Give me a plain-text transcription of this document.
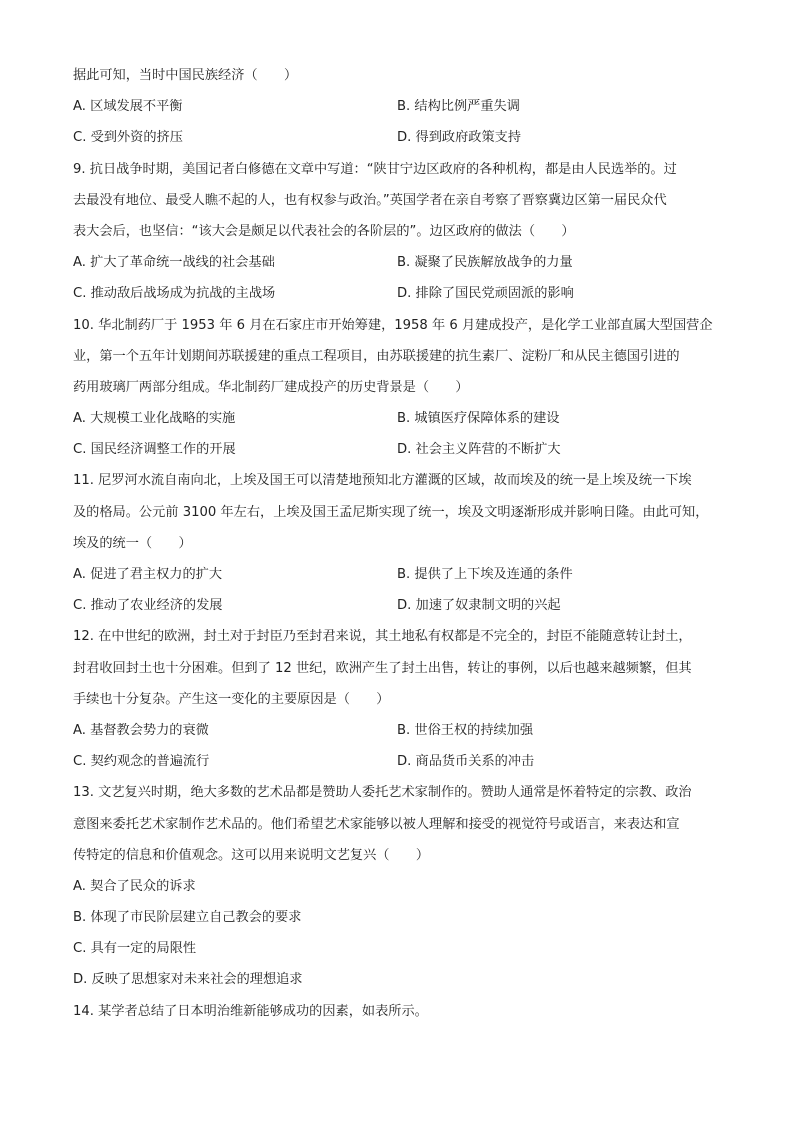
据此可知，当时中国民族经济（　　）
A. 区域发展不平衡	B. 结构比例严重失调
C. 受到外资的挤压	D. 得到政府政策支持
9. 抗日战争时期，美国记者白修德在文章中写道：“陕甘宁边区政府的各种机构，都是由人民选举的。过
去最没有地位、最受人瞧不起的人，也有权参与政治。”英国学者在亲自考察了晋察冀边区第一届民众代
表大会后，也坚信：“该大会是颇足以代表社会的各阶层的”。边区政府的做法（　　）
A. 扩大了革命统一战线的社会基础	B. 凝聚了民族解放战争的力量
C. 推动敌后战场成为抗战的主战场	D. 排除了国民党顽固派的影响
10. 华北制药厂于 1953 年 6 月在石家庄市开始筹建，1958 年 6 月建成投产，是化学工业部直属大型国营企
业，第一个五年计划期间苏联援建的重点工程项目，由苏联援建的抗生素厂、淀粉厂和从民主德国引进的
药用玻璃厂两部分组成。华北制药厂建成投产的历史背景是（　　）
A. 大规模工业化战略的实施	B. 城镇医疗保障体系的建设
C. 国民经济调整工作的开展	D. 社会主义阵营的不断扩大
11. 尼罗河水流自南向北，上埃及国王可以清楚地预知北方灌溉的区域，故而埃及的统一是上埃及统一下埃
及的格局。公元前 3100 年左右，上埃及国王孟尼斯实现了统一，埃及文明逐渐形成并影响日隆。由此可知，
埃及的统一（　　）
A. 促进了君主权力的扩大	B. 提供了上下埃及连通的条件
C. 推动了农业经济的发展	D. 加速了奴隶制文明的兴起
12. 在中世纪的欧洲，封土对于封臣乃至封君来说，其土地私有权都是不完全的，封臣不能随意转让封土，
封君收回封土也十分困难。但到了 12 世纪，欧洲产生了封土出售，转让的事例，以后也越来越频繁，但其
手续也十分复杂。产生这一变化的主要原因是（　　）
A. 基督教会势力的衰微	B. 世俗王权的持续加强
C. 契约观念的普遍流行	D. 商品货币关系的冲击
13. 文艺复兴时期，绝大多数的艺术品都是赞助人委托艺术家制作的。赞助人通常是怀着特定的宗教、政治
意图来委托艺术家制作艺术品的。他们希望艺术家能够以被人理解和接受的视觉符号或语言，来表达和宣
传特定的信息和价值观念。这可以用来说明文艺复兴（　　）
A. 契合了民众的诉求
B. 体现了市民阶层建立自己教会的要求
C. 具有一定的局限性
D. 反映了思想家对未来社会的理想追求
14. 某学者总结了日本明治维新能够成功的因素，如表所示。
